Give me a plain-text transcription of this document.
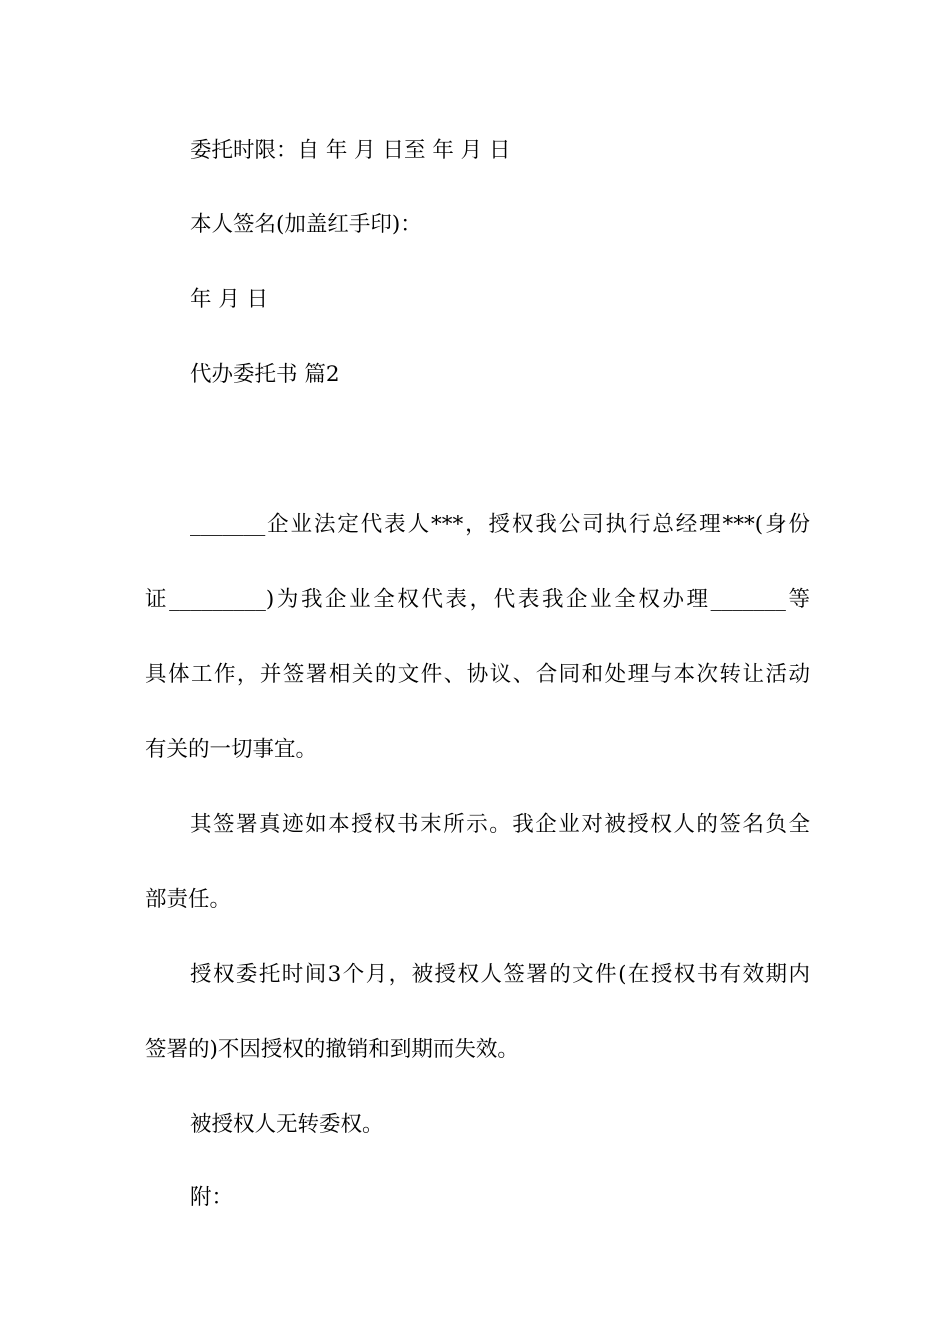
委托时限：自 年 月 日至 年 月 日
本人签名(加盖红手印)：
年 月 日
代办委托书 篇2
_______企业法定代表人***，授权我公司执行总经理***(身份
证_________)为我企业全权代表，代表我企业全权办理_______等
具体工作，并签署相关的文件、协议、合同和处理与本次转让活动
有关的一切事宜。
其签署真迹如本授权书末所示。我企业对被授权人的签名负全
部责任。
授权委托时间3个月，被授权人签署的文件(在授权书有效期内
签署的)不因授权的撤销和到期而失效。
被授权人无转委权。
附：
